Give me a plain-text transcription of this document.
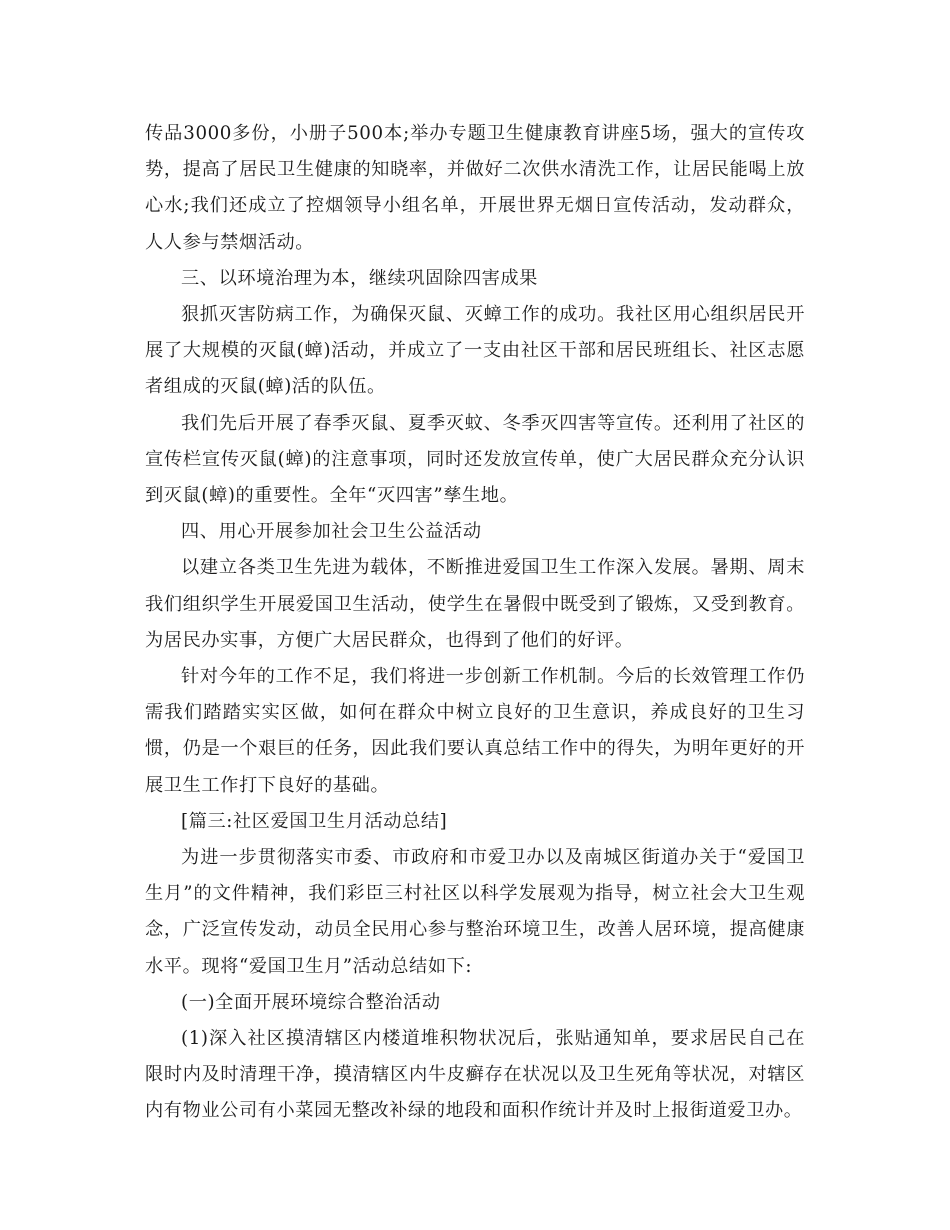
传品3000多份，小册子500本;举办专题卫生健康教育讲座5场，强大的宣传攻势，提高了居民卫生健康的知晓率，并做好二次供水清洗工作，让居民能喝上放心水;我们还成立了控烟领导小组名单，开展世界无烟日宣传活动，发动群众，人人参与禁烟活动。

三、以环境治理为本，继续巩固除四害成果

狠抓灭害防病工作，为确保灭鼠、灭蟑工作的成功。我社区用心组织居民开展了大规模的灭鼠(蟑)活动，并成立了一支由社区干部和居民班组长、社区志愿者组成的灭鼠(蟑)活的队伍。

我们先后开展了春季灭鼠、夏季灭蚊、冬季灭四害等宣传。还利用了社区的宣传栏宣传灭鼠(蟑)的注意事项，同时还发放宣传单，使广大居民群众充分认识到灭鼠(蟑)的重要性。全年“灭四害”孳生地。

四、用心开展参加社会卫生公益活动

以建立各类卫生先进为载体，不断推进爱国卫生工作深入发展。暑期、周末我们组织学生开展爱国卫生活动，使学生在暑假中既受到了锻炼，又受到教育。为居民办实事，方便广大居民群众，也得到了他们的好评。

针对今年的工作不足，我们将进一步创新工作机制。今后的长效管理工作仍需我们踏踏实实区做，如何在群众中树立良好的卫生意识，养成良好的卫生习惯，仍是一个艰巨的任务，因此我们要认真总结工作中的得失，为明年更好的开展卫生工作打下良好的基础。

[篇三:社区爱国卫生月活动总结]

为进一步贯彻落实市委、市政府和市爱卫办以及南城区街道办关于“爱国卫生月”的文件精神，我们彩臣三村社区以科学发展观为指导，树立社会大卫生观念，广泛宣传发动，动员全民用心参与整治环境卫生，改善人居环境，提高健康水平。现将“爱国卫生月”活动总结如下:

(一)全面开展环境综合整治活动

(1)深入社区摸清辖区内楼道堆积物状况后，张贴通知单，要求居民自己在限时内及时清理干净，摸清辖区内牛皮癣存在状况以及卫生死角等状况，对辖区内有物业公司有小菜园无整改补绿的地段和面积作统计并及时上报街道爱卫办。
